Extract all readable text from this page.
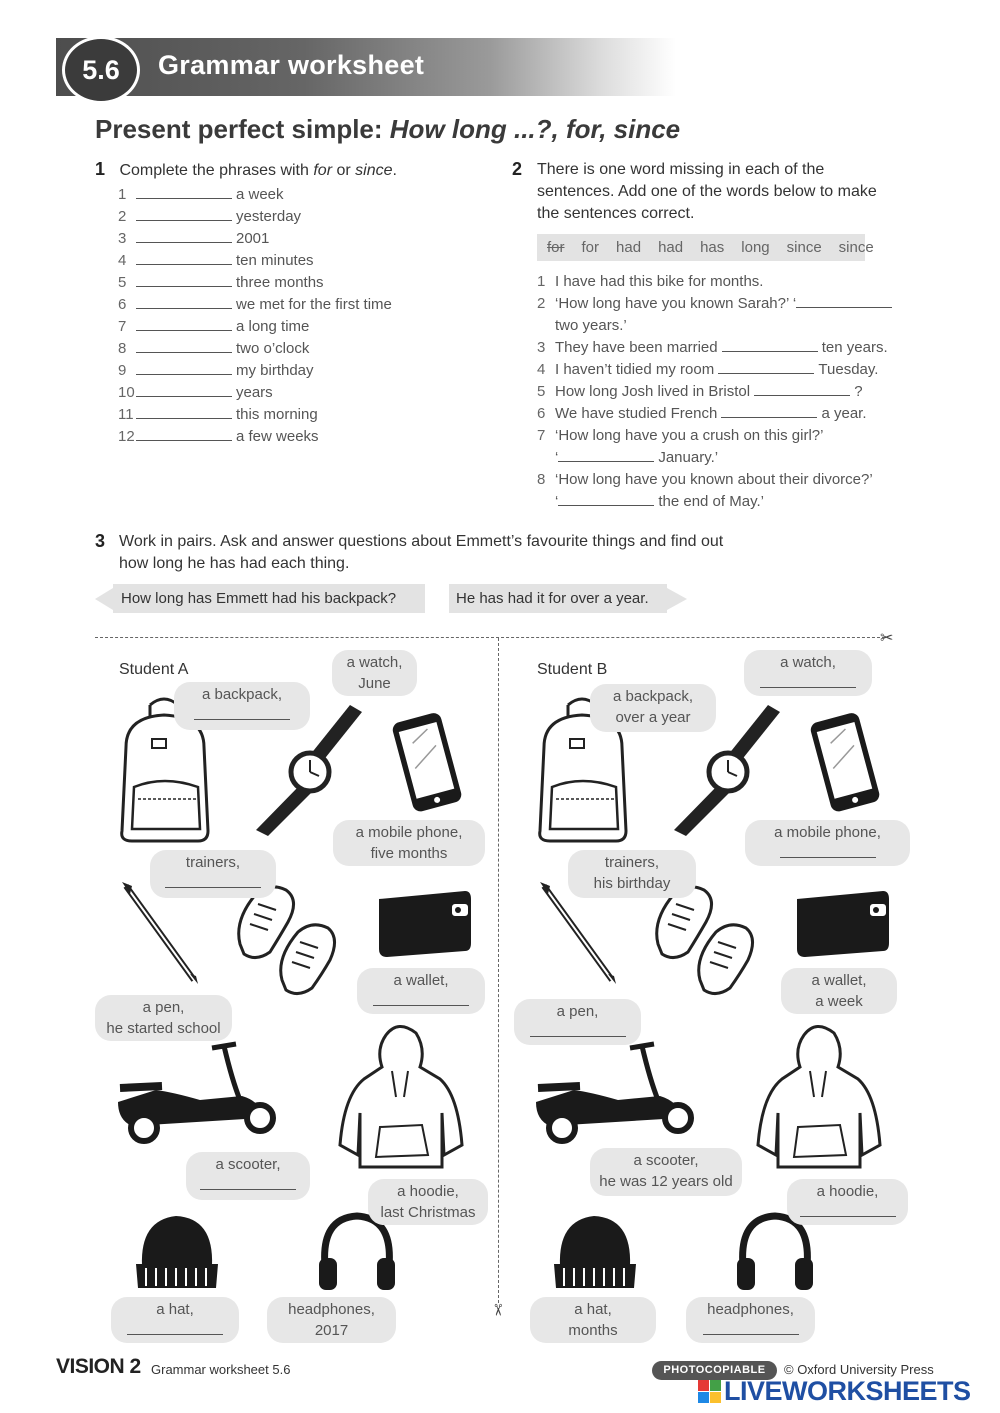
5.6	Grammar worksheet
Present perfect simple: How long ...?, for, since
1 Complete the phrases with for or since.
1	a week
2	yesterday
3	2001
4	ten minutes
5	three months
6	we met for the first time
7	a long time
8	two o’clock
9	my birthday
10	years
11	this morning
12	a few weeks
2 There is one word missing in each of the
sentences. Add one of the words below to make
the sentences correct.
for for had had has long since since
1 I have had this bike for months.
2 ‘How long have you known Sarah?’ ‘
two years.’
3 They have been married	ten years.
4 I haven’t tidied my room	Tuesday.
5 How long Josh lived in Bristol	?
6 We have studied French	a year.
7 ‘How long have you a crush on this girl?’
‘	January.’
8 ‘How long have you known about their divorce?’
‘	the end of May.’
3 Work in pairs. Ask and answer questions about Emmett’s favourite things and find out
how long he has had each thing.
How long has Emmett had his backpack?	He has had it for over a year.
✂
✂
Student A	a watch,
June
a backpack,
a mobile phone,
five months
trainers,
a wallet,
a pen,
he started school
a scooter,
a hoodie,
last Christmas
a hat,	headphones,
2017
Student B	a watch,
a backpack,
over a year
a mobile phone,
trainers,
his birthday
a wallet,
a week
a pen,
a scooter,
he was 12 years old
a hoodie,
a hat,
months
headphones,
VISION 2 Grammar worksheet 5.6	PHOTOCOPIABLE	© Oxford University Press
LIVEWORKSHEETS
